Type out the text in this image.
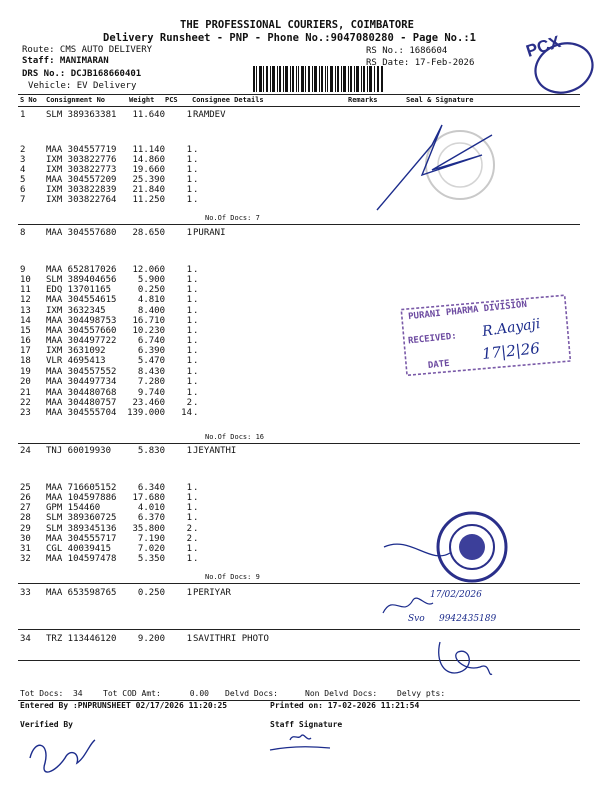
THE PROFESSIONAL COURIERS, COIMBATORE
Delivery Runsheet - PNP - Phone No.:9047080280 - Page No.:1
Route: CMS AUTO DELIVERY
Staff: MANIMARAN
DRS No.: DCJB168660401
Vehicle: EV Delivery

RS No.: 1686604
RS Date: 17-Feb-2026

PCX

S No Consignment No	Weight PCS Consignee Details	Remarks	Seal & Signature
1 SLM 389363381 11.640 1 RAMDEV
2 MAA 304557719 11.140 1 .
3 IXM 303822776 14.860 1 .
4 IXM 303822773 19.660 1 .
5 MAA 304557209 25.390 1 .
6 IXM 303822839 21.840 1 .
7 IXM 303822764 11.250 1 .
8 MAA 304557680 28.650 1 PURANI
9 MAA 652817026 12.060 1 .
10 SLM 389404656 5.900 1 .
11 EDQ 13701165	0.250 1 .
12 MAA 304554615 4.810 1 .
13 IXM 3632345	8.400 1 .
14 MAA 304498753 16.710 1 .
15 MAA 304557660 10.230 1 .
16 MAA 304497722 6.740 1 .
17 IXM 3631092	6.390 1 .
18 VLR 4695413	5.470 1 .
19 MAA 304557552 8.430 1 .
20 MAA 304497734 7.280 1 .
21 MAA 304480768 9.740 1 .
22 MAA 304480757 23.460 2 .
23 MAA 304555704 139.000 14 .
24 TNJ 60019930	5.830 1 JEYANTHI
25 MAA 716605152 6.340 1 .
26 MAA 104597886 17.680 1 .
27 GPM 154460	4.010 1 .
28 SLM 389360725 6.370 1 .
29 SLM 389345136 35.800 2 .
30 MAA 304555717 7.190 2 .
31 CGL 40039415	7.020 1 .
32 MAA 104597478 5.350 1 .
33 MAA 653598765 0.250 1 PERIYAR
34 TRZ 113446120 9.200 1 SAVITHRI PHOTO
No.Of Docs: 7
No.Of Docs: 16
No.Of Docs: 9
PURANI PHARMA DIVISION
RECEIVED: R.Aayaji
DATE
17|2|26
17/02/2026
Svo     9942435189
Tot Docs:  34	Tot COD Amt:      0.00 Delvd Docs:	Non Delvd Docs: Delvy pts:
Entered By :PNPRUNSHEET 02/17/2026 11:20:25	Printed on: 17-02-2026 11:21:54
Verified By	Staff Signature
